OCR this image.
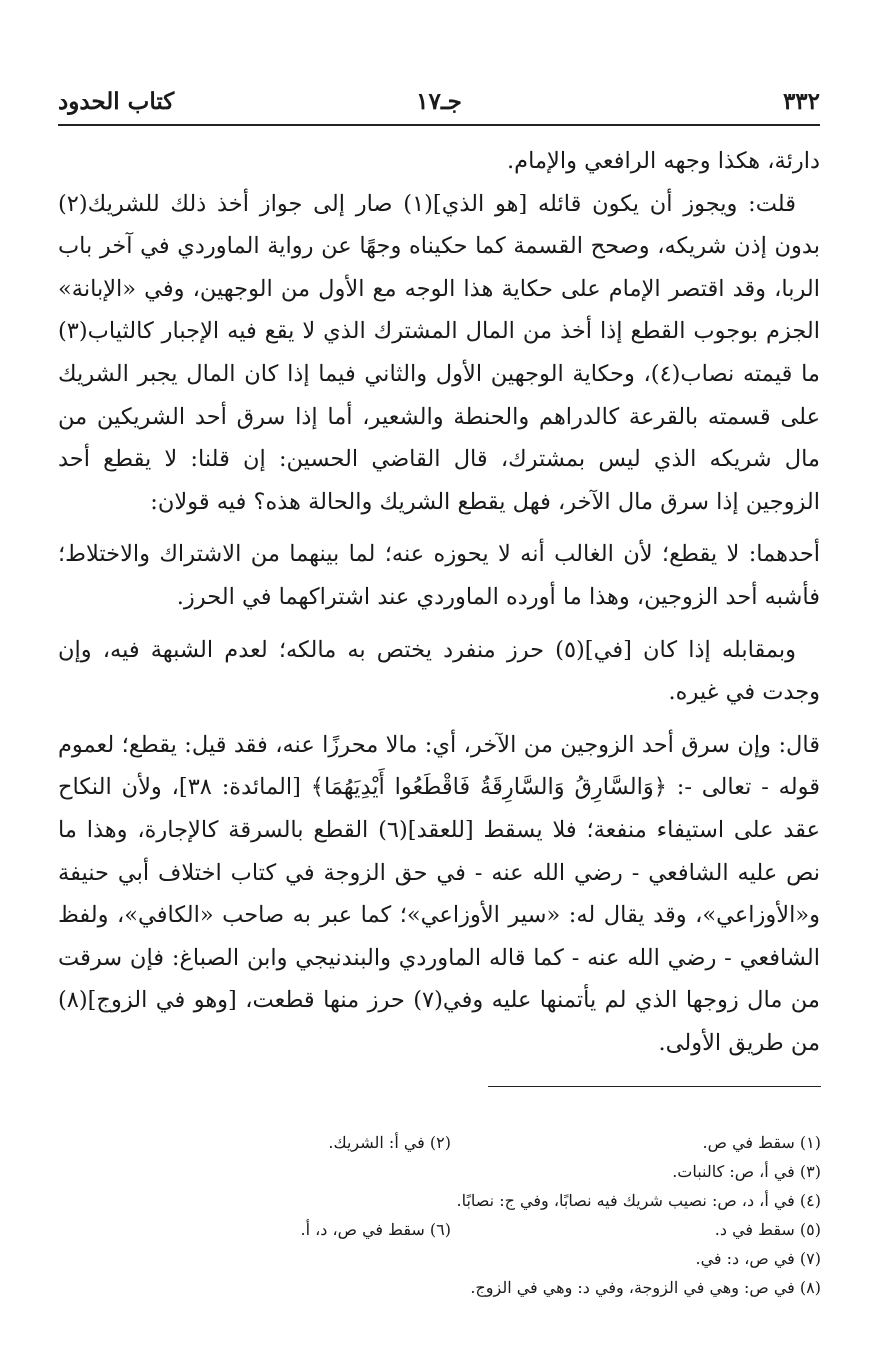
٣٣٢
جـ١٧
كتاب الحدود

دارئة، هكذا وجهه الرافعي والإمام.

قلت: ويجوز أن يكون قائله [هو الذي](١) صار إلى جواز أخذ ذلك للشريك(٢) بدون إذن شريكه، وصحح القسمة كما حكيناه وجهًا عن رواية الماوردي في آخر باب الربا، وقد اقتصر الإمام على حكاية هذا الوجه مع الأول من الوجهين، وفي «الإبانة» الجزم بوجوب القطع إذا أخذ من المال المشترك الذي لا يقع فيه الإجبار كالثياب(٣) ما قيمته نصاب(٤)، وحكاية الوجهين الأول والثاني فيما إذا كان المال يجبر الشريك على قسمته بالقرعة كالدراهم والحنطة والشعير، أما إذا سرق أحد الشريكين من مال شريكه الذي ليس بمشترك، قال القاضي الحسين: إن قلنا: لا يقطع أحد الزوجين إذا سرق مال الآخر، فهل يقطع الشريك والحالة هذه؟ فيه قولان:

أحدهما: لا يقطع؛ لأن الغالب أنه لا يحوزه عنه؛ لما بينهما من الاشتراك والاختلاط؛ فأشبه أحد الزوجين، وهذا ما أورده الماوردي عند اشتراكهما في الحرز.

وبمقابله إذا كان [في](٥) حرز منفرد يختص به مالكه؛ لعدم الشبهة فيه، وإن وجدت في غيره.

قال: وإن سرق أحد الزوجين من الآخر، أي: مالا محرزًا عنه، فقد قيل: يقطع؛ لعموم قوله - تعالى -: ﴿وَالسَّارِقُ وَالسَّارِقَةُ فَاقْطَعُوا أَيْدِيَهُمَا﴾ [المائدة: ٣٨]، ولأن النكاح عقد على استيفاء منفعة؛ فلا يسقط [للعقد](٦) القطع بالسرقة كالإجارة، وهذا ما نص عليه الشافعي - رضي الله عنه - في حق الزوجة في كتاب اختلاف أبي حنيفة و«الأوزاعي»، وقد يقال له: «سير الأوزاعي»؛ كما عبر به صاحب «الكافي»، ولفظ الشافعي - رضي الله عنه - كما قاله الماوردي والبندنيجي وابن الصباغ: فإن سرقت من مال زوجها الذي لم يأتمنها عليه وفي(٧) حرز منها قطعت، [وهو في الزوج](٨) من طريق الأولى.

(١) سقط في ص.
(٢) في أ: الشريك.
(٣) في أ، ص: كالنبات.
(٤) في أ، د، ص: نصيب شريك فيه نصابًا، وفي ج: نصابًا.
(٥) سقط في د.
(٦) سقط في ص، د، أ.
(٧) في ص، د: في.
(٨) في ص: وهي في الزوجة، وفي د: وهي في الزوج.
